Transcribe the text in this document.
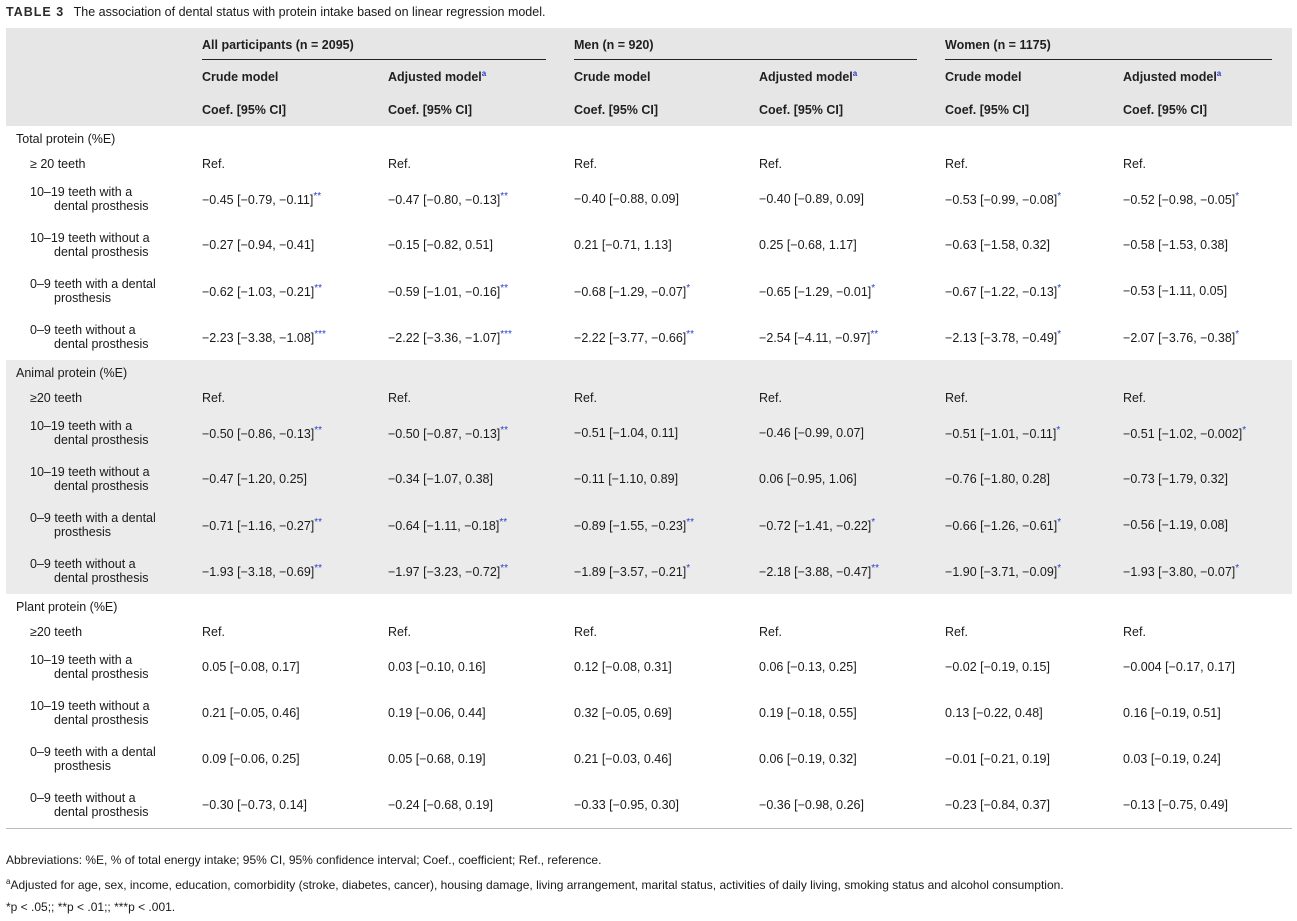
TABLE 3 The association of dental status with protein intake based on linear regression model.

	All participants (n = 2095)		Men (n = 920)		Women (n = 1175)	

	Crude model	Adjusted model$^a$	Crude model	Adjusted model$^a$	Crude model	Adjusted model$^a$
	Coef. [95% CI]	Coef. [95% CI]	Coef. [95% CI]	Coef. [95% CI]	Coef. [95% CI]	Coef. [95% CI]
Total protein (%E)						

≥ 20 teeth	Ref.	Ref.	Ref.	Ref.	Ref.	Ref.

10–19 teeth with a
dental prosthesis	−0.45 [−0.79, −0.11]**	−0.47 [−0.80, −0.13]**	−0.40 [−0.88, 0.09]	−0.40 [−0.89, 0.09]	−0.53 [−0.99, −0.08]*	−0.52 [−0.98, −0.05]*

10–19 teeth without a
dental prosthesis	−0.27 [−0.94, −0.41]	−0.15 [−0.82, 0.51]	0.21 [−0.71, 1.13]	0.25 [−0.68, 1.17]	−0.63 [−1.58, 0.32]	−0.58 [−1.53, 0.38]

0–9 teeth with a dental
prosthesis	−0.62 [−1.03, −0.21]**	−0.59 [−1.01, −0.16]**	−0.68 [−1.29, −0.07]*	−0.65 [−1.29, −0.01]*	−0.67 [−1.22, −0.13]*	−0.53 [−1.11, 0.05]

0–9 teeth without a
dental prosthesis	−2.23 [−3.38, −1.08]***	−2.22 [−3.36, −1.07]***	−2.22 [−3.77, −0.66]**	−2.54 [−4.11, −0.97]**	−2.13 [−3.78, −0.49]*	−2.07 [−3.76, −0.38]*
Animal protein (%E)						

≥20 teeth	Ref.	Ref.	Ref.	Ref.	Ref.	Ref.

10–19 teeth with a
dental prosthesis	−0.50 [−0.86, −0.13]**	−0.50 [−0.87, −0.13]**	−0.51 [−1.04, 0.11]	−0.46 [−0.99, 0.07]	−0.51 [−1.01, −0.11]*	−0.51 [−1.02, −0.002]*

10–19 teeth without a
dental prosthesis	−0.47 [−1.20, 0.25]	−0.34 [−1.07, 0.38]	−0.11 [−1.10, 0.89]	0.06 [−0.95, 1.06]	−0.76 [−1.80, 0.28]	−0.73 [−1.79, 0.32]

0–9 teeth with a dental
prosthesis	−0.71 [−1.16, −0.27]**	−0.64 [−1.11, −0.18]**	−0.89 [−1.55, −0.23]**	−0.72 [−1.41, −0.22]*	−0.66 [−1.26, −0.61]*	−0.56 [−1.19, 0.08]

0–9 teeth without a
dental prosthesis	−1.93 [−3.18, −0.69]**	−1.97 [−3.23, −0.72]**	−1.89 [−3.57, −0.21]*	−2.18 [−3.88, −0.47]**	−1.90 [−3.71, −0.09]*	−1.93 [−3.80, −0.07]*
Plant protein (%E)						

≥20 teeth	Ref.	Ref.	Ref.	Ref.	Ref.	Ref.

10–19 teeth with a
dental prosthesis	0.05 [−0.08, 0.17]	0.03 [−0.10, 0.16]	0.12 [−0.08, 0.31]	0.06 [−0.13, 0.25]	−0.02 [−0.19, 0.15]	−0.004 [−0.17, 0.17]

10–19 teeth without a
dental prosthesis	0.21 [−0.05, 0.46]	0.19 [−0.06, 0.44]	0.32 [−0.05, 0.69]	0.19 [−0.18, 0.55]	0.13 [−0.22, 0.48]	0.16 [−0.19, 0.51]

0–9 teeth with a dental
prosthesis	0.09 [−0.06, 0.25]	0.05 [−0.68, 0.19]	0.21 [−0.03, 0.46]	0.06 [−0.19, 0.32]	−0.01 [−0.21, 0.19]	0.03 [−0.19, 0.24]

0–9 teeth without a
dental prosthesis	−0.30 [−0.73, 0.14]	−0.24 [−0.68, 0.19]	−0.33 [−0.95, 0.30]	−0.36 [−0.98, 0.26]	−0.23 [−0.84, 0.37]	−0.13 [−0.75, 0.49]
Abbreviations: %E, % of total energy intake; 95% CI, 95% confidence interval; Coef., coefficient; Ref., reference.
$^a$Adjusted for age, sex, income, education, comorbidity (stroke, diabetes, cancer), housing damage, living arrangement, marital status, activities of daily living, smoking status and alcohol consumption.
*p < .05;; **p < .01;; ***p < .001.
